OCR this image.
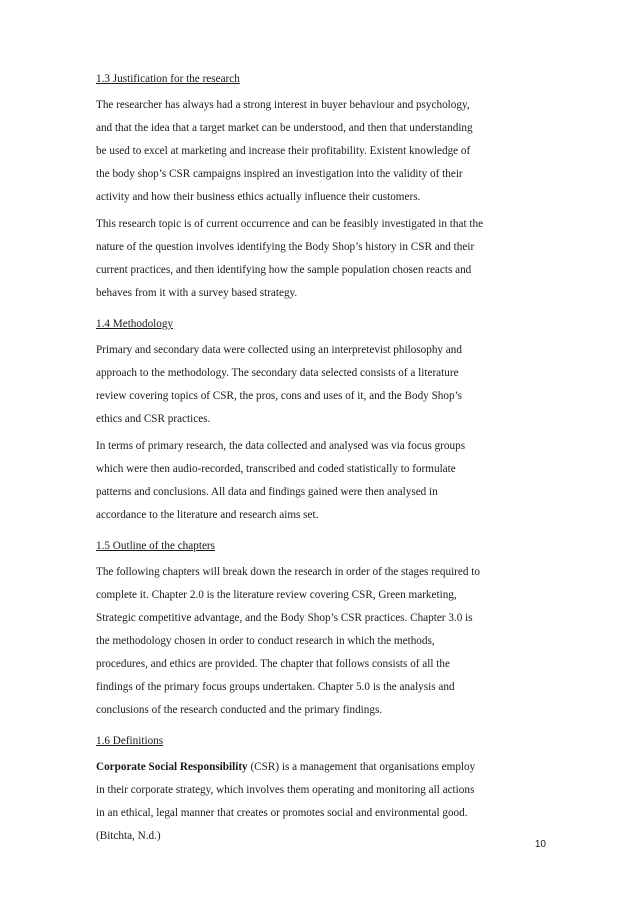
1.3 Justification for the research
The researcher has always had a strong interest in buyer behaviour and psychology,
and that the idea that a target market can be understood, and then that understanding
be used to excel at marketing and increase their profitability. Existent knowledge of
the body shop’s CSR campaigns inspired an investigation into the validity of their
activity and how their business ethics actually influence their customers.
This research topic is of current occurrence and can be feasibly investigated in that the
nature of the question involves identifying the Body Shop’s history in CSR and their
current practices, and then identifying how the sample population chosen reacts and
behaves from it with a survey based strategy.
1.4 Methodology
Primary and secondary data were collected using an interpretevist philosophy and
approach to the methodology. The secondary data selected consists of a literature
review covering topics of CSR, the pros, cons and uses of it, and the Body Shop’s
ethics and CSR practices.
In terms of primary research, the data collected and analysed was via focus groups
which were then audio-recorded, transcribed and coded statistically to formulate
patterns and conclusions. All data and findings gained were then analysed in
accordance to the literature and research aims set.
1.5 Outline of the chapters
The following chapters will break down the research in order of the stages required to
complete it. Chapter 2.0 is the literature review covering CSR, Green marketing,
Strategic competitive advantage, and the Body Shop’s CSR practices. Chapter 3.0 is
the methodology chosen in order to conduct research in which the methods,
procedures, and ethics are provided. The chapter that follows consists of all the
findings of the primary focus groups undertaken. Chapter 5.0 is the analysis and
conclusions of the research conducted and the primary findings.
1.6 Definitions
Corporate Social Responsibility (CSR) is a management that organisations employ
in their corporate strategy, which involves them operating and monitoring all actions
in an ethical, legal manner that creates or promotes social and environmental good.
(Bitchta, N.d.)
10
